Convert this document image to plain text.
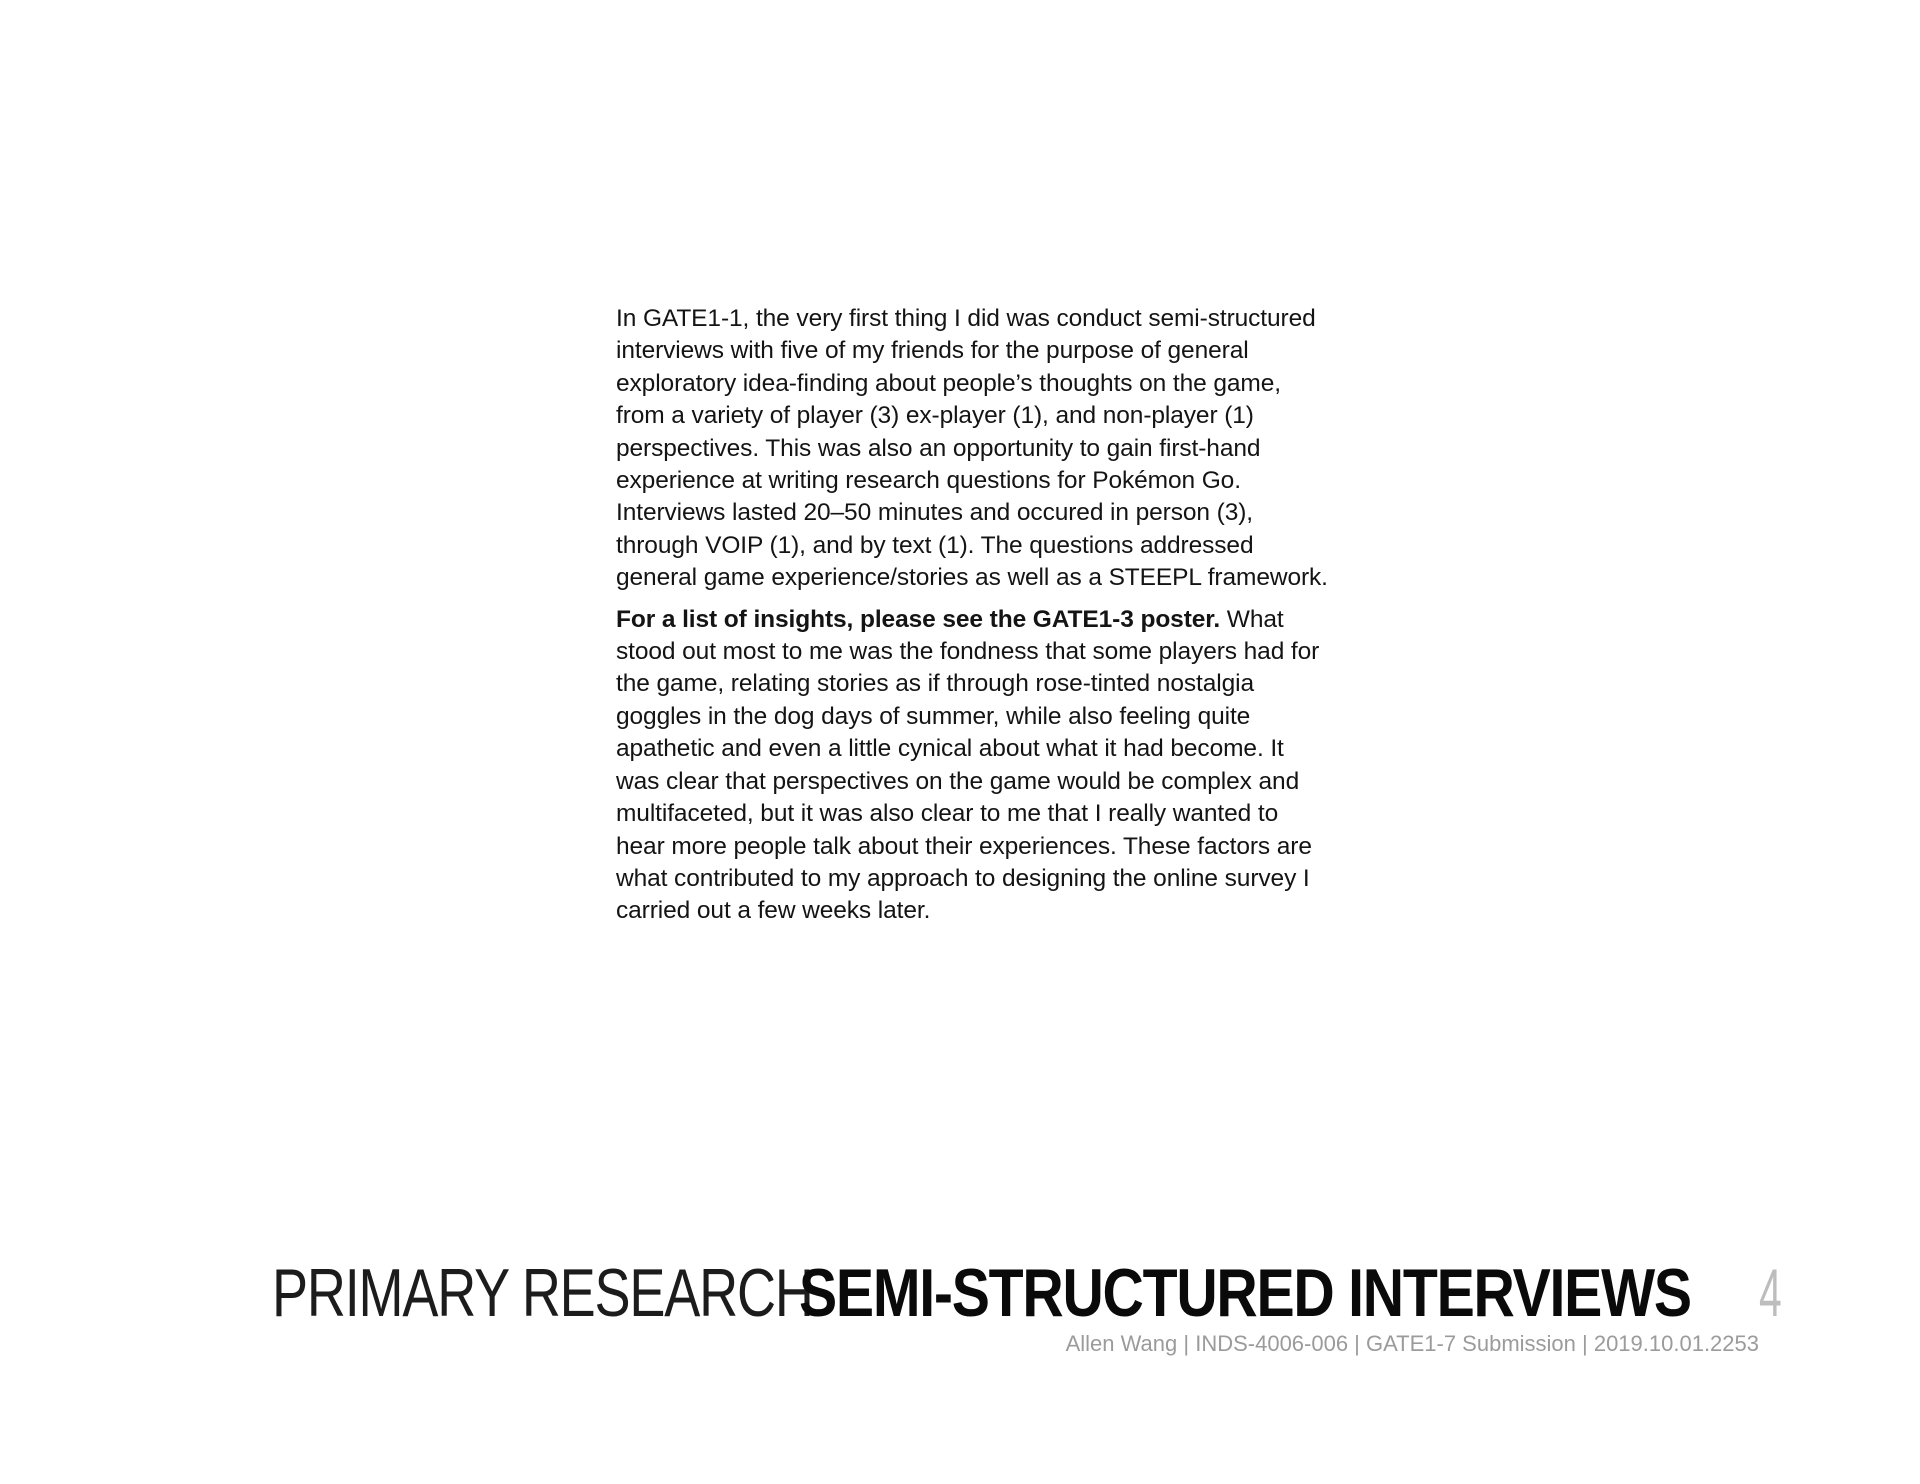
In GATE1-1, the very first thing I did was conduct semi-structured interviews with five of my friends for the purpose of general exploratory idea-finding about people’s thoughts on the game, from a variety of player (3) ex-player (1), and non-player (1) perspectives. This was also an opportunity to gain first-hand experience at writing research questions for Pokémon Go. Interviews lasted 20–50 minutes and occured in person (3), through VOIP (1), and by text (1). The questions addressed general game experience/stories as well as a STEEPL framework.

For a list of insights, please see the GATE1-3 poster. What stood out most to me was the fondness that some players had for the game, relating stories as if through rose-tinted nostalgia goggles in the dog days of summer, while also feeling quite apathetic and even a little cynical about what it had become. It was clear that perspectives on the game would be complex and multifaceted, but it was also clear to me that I really wanted to hear more people talk about their experiences. These factors are what contributed to my approach to designing the online survey I carried out a few weeks later.

PRIMARY RESEARCH
SEMI-STRUCTURED INTERVIEWS	4
Allen Wang | INDS-4006-006 | GATE1-7 Submission | 2019.10.01.2253
